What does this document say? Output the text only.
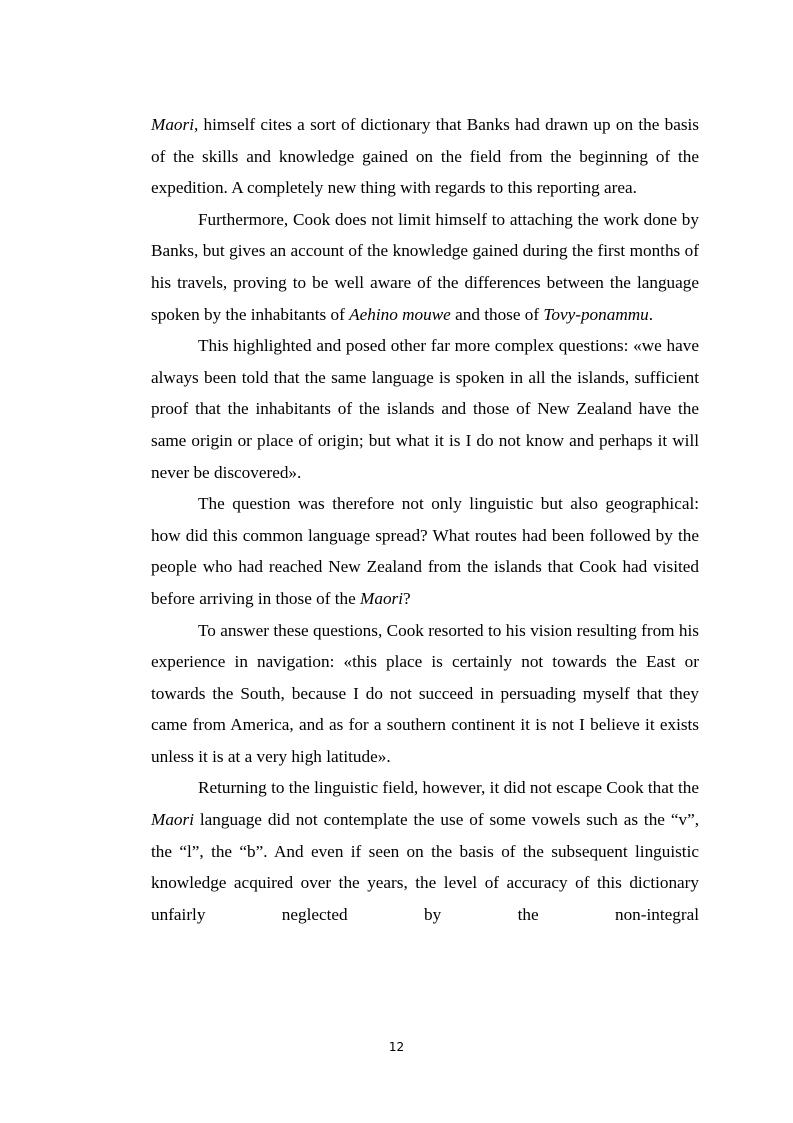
Maori, himself cites a sort of dictionary that Banks had drawn up on the basis of the skills and knowledge gained on the field from the beginning of the expedition. A completely new thing with regards to this reporting area.

Furthermore, Cook does not limit himself to attaching the work done by Banks, but gives an account of the knowledge gained during the first months of his travels, proving to be well aware of the differences between the language spoken by the inhabitants of Aehino mouwe and those of Tovy-ponammu.

This highlighted and posed other far more complex questions: «we have always been told that the same language is spoken in all the islands, sufficient proof that the inhabitants of the islands and those of New Zealand have the same origin or place of origin; but what it is I do not know and perhaps it will never be discovered».

The question was therefore not only linguistic but also geographical: how did this common language spread? What routes had been followed by the people who had reached New Zealand from the islands that Cook had visited before arriving in those of the Maori?

To answer these questions, Cook resorted to his vision resulting from his experience in navigation: «this place is certainly not towards the East or towards the South, because I do not succeed in persuading myself that they came from America, and as for a southern continent it is not I believe it exists unless it is at a very high latitude».

Returning to the linguistic field, however, it did not escape Cook that the Maori language did not contemplate the use of some vowels such as the “v”, the “l”, the “b”. And even if seen on the basis of the subsequent linguistic knowledge acquired over the years, the level of accuracy of this dictionary unfairly neglected by the non-integral

12
